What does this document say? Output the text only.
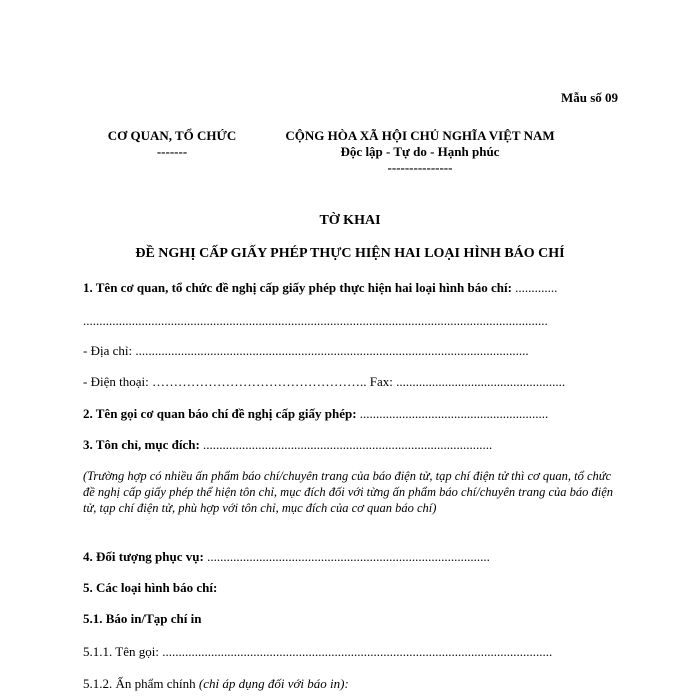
Mẫu số 09
CƠ QUAN, TỔ CHỨC
-------
CỘNG HÒA XÃ HỘI CHỦ NGHĨA VIỆT NAM
Độc lập - Tự do - Hạnh phúc
---------------
TỜ KHAI
ĐỀ NGHỊ CẤP GIẤY PHÉP THỰC HIỆN HAI LOẠI HÌNH BÁO CHÍ
1. Tên cơ quan, tổ chức đề nghị cấp giấy phép thực hiện hai loại hình báo chí: .............
...............................................................................................................................................
- Địa chỉ: .........................................................................................................................
- Điện thoại: ………………………………………….. Fax: ....................................................
2. Tên gọi cơ quan báo chí đề nghị cấp giấy phép: ..........................................................
3. Tôn chỉ, mục đích: .........................................................................................
(Trường hợp có nhiều ấn phẩm báo chí/chuyên trang của báo điện tử, tạp chí điện tử thì cơ quan, tổ chức đề nghị cấp giấy phép thể hiện tôn chỉ, mục đích đối với từng ấn phẩm báo chí/chuyên trang của báo điện tử, tạp chí điện tử, phù hợp với tôn chỉ, mục đích của cơ quan báo chí)
4. Đối tượng phục vụ: .......................................................................................
5. Các loại hình báo chí:
5.1. Báo in/Tạp chí in
5.1.1. Tên gọi: ........................................................................................................................
5.1.2. Ấn phẩm chính (chỉ áp dụng đối với báo in):
